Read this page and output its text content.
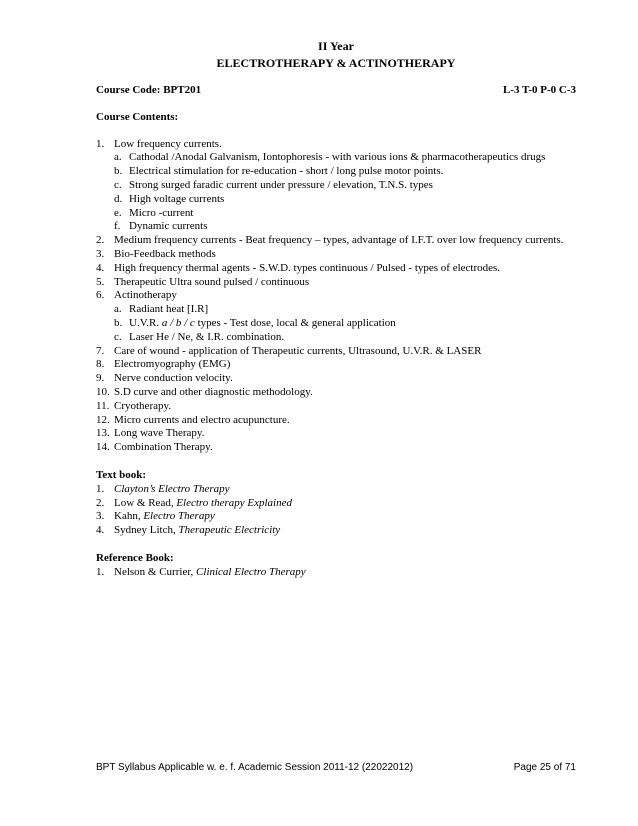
II Year
ELECTROTHERAPY & ACTINOTHERAPY
Course Code: BPT201	L-3 T-0 P-0 C-3
Course Contents:
1. Low frequency currents.
a. Cathodal /Anodal Galvanism, Iontophoresis - with various ions & pharmacotherapeutics drugs
b. Electrical stimulation for re-education - short / long pulse motor points.
c. Strong surged faradic current under pressure / elevation, T.N.S. types
d. High voltage currents
e. Micro -current
f. Dynamic currents
2. Medium frequency currents - Beat frequency – types, advantage of I.F.T. over low frequency currents.
3. Bio-Feedback methods
4. High frequency thermal agents - S.W.D. types continuous / Pulsed - types of electrodes.
5. Therapeutic Ultra sound pulsed / continuous
6. Actinotherapy
a. Radiant heat [I.R]
b. U.V.R. a / b / c types - Test dose, local & general application
c. Laser He / Ne, & I.R. combination.
7. Care of wound - application of Therapeutic currents, Ultrasound, U.V.R. & LASER
8. Electromyography (EMG)
9. Nerve conduction velocity.
10. S.D curve and other diagnostic methodology.
11. Cryotherapy.
12. Micro currents and electro acupuncture.
13. Long wave Therapy.
14. Combination Therapy.
Text book:
1. Clayton’s Electro Therapy
2. Low & Read, Electro therapy Explained
3. Kahn, Electro Therapy
4. Sydney Litch, Therapeutic Electricity
Reference Book:
1. Nelson & Currier, Clinical Electro Therapy
BPT Syllabus Applicable w. e. f. Academic Session 2011-12 (22022012)	Page 25 of 71
